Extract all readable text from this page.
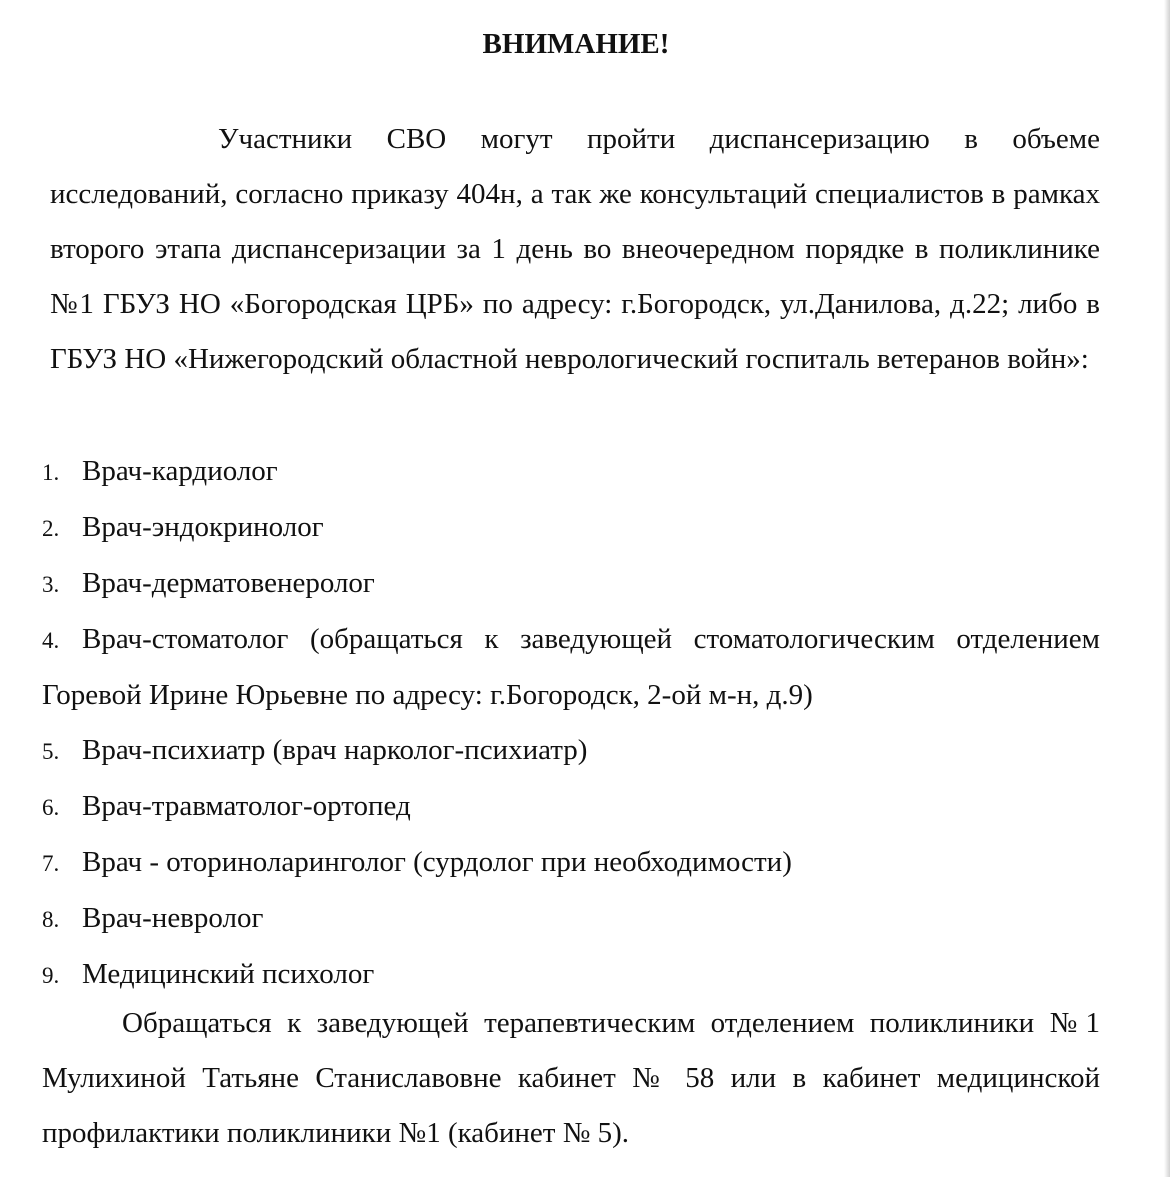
ВНИМАНИЕ!
Участники СВО могут пройти диспансеризацию в объеме исследований, согласно приказу 404н, а так же консультаций специалистов в рамках второго этапа диспансеризации за 1 день во внеочередном порядке в поликлинике №1 ГБУЗ НО «Богородская ЦРБ» по адресу: г.Богородск, ул.Данилова, д.22; либо в ГБУЗ НО «Нижегородский областной неврологический госпиталь ветеранов войн»:
1. Врач-кардиолог
2. Врач-эндокринолог
3. Врач-дерматовенеролог
4. Врач-стоматолог (обращаться к заведующей стоматологическим отделением Горевой Ирине Юрьевне по адресу: г.Богородск, 2-ой м-н, д.9)
5. Врач-психиатр (врач нарколог-психиатр)
6. Врач-травматолог-ортопед
7. Врач - оториноларинголог (сурдолог при необходимости)
8. Врач-невролог
9. Медицинский психолог
Обращаться к заведующей терапевтическим отделением поликлиники №1 Мулихиной Татьяне Станиславовне кабинет № 58 или в кабинет медицинской профилактики поликлиники №1 (кабинет № 5).
